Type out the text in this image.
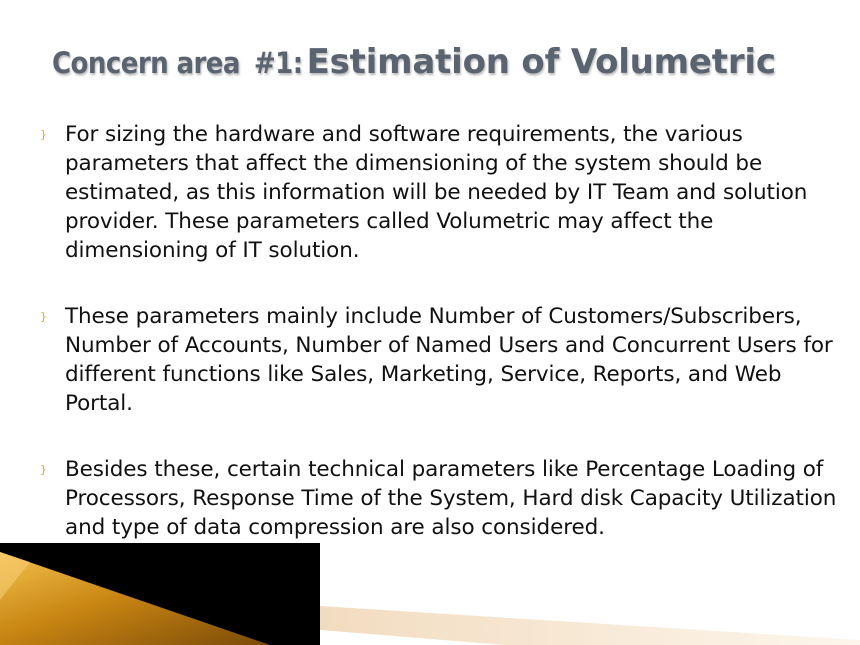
Concern area #1: Estimation of Volumetric
} For sizing the hardware and software requirements, the various parameters that affect the dimensioning of the system should be estimated, as this information will be needed by IT Team and solution provider. These parameters called Volumetric may affect the dimensioning of IT solution.

} These parameters mainly include Number of Customers/Subscribers, Number of Accounts, Number of Named Users and Concurrent Users for different functions like Sales, Marketing, Service, Reports, and Web Portal.

} Besides these, certain technical parameters like Percentage Loading of Processors, Response Time of the System, Hard disk Capacity Utilization and type of data compression are also considered.
